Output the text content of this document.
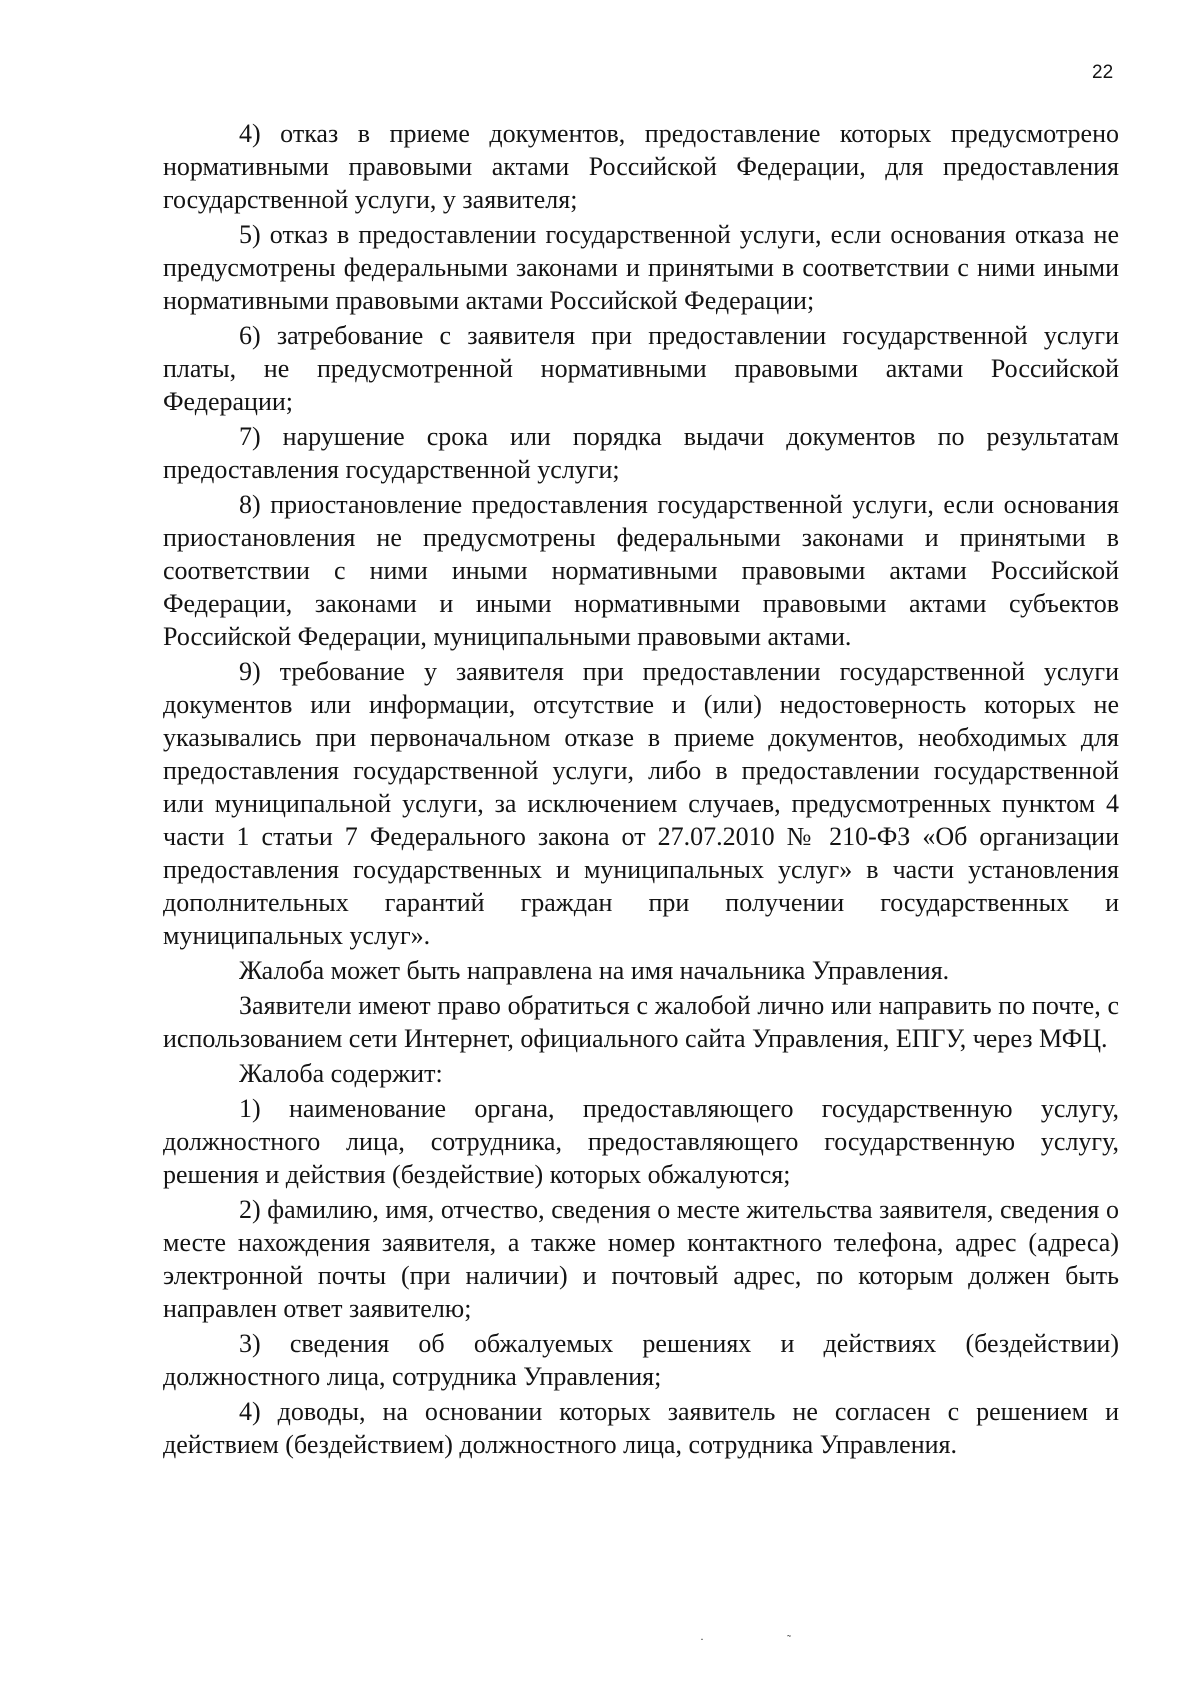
22

4) отказ в приеме документов, предоставление которых предусмотрено нормативными правовыми актами Российской Федерации, для предоставления государственной услуги, у заявителя;

5) отказ в предоставлении государственной услуги, если основания отказа не предусмотрены федеральными законами и принятыми в соответствии с ними иными нормативными правовыми актами Российской Федерации;

6) затребование с заявителя при предоставлении государственной услуги платы, не предусмотренной нормативными правовыми актами Российской Федерации;

7) нарушение срока или порядка выдачи документов по результатам предоставления государственной услуги;

8) приостановление предоставления государственной услуги, если основания приостановления не предусмотрены федеральными законами и принятыми в соответствии с ними иными нормативными правовыми актами Российской Федерации, законами и иными нормативными правовыми актами субъектов Российской Федерации, муниципальными правовыми актами.

9) требование у заявителя при предоставлении государственной услуги документов или информации, отсутствие и (или) недостоверность которых не указывались при первоначальном отказе в приеме документов, необходимых для предоставления государственной услуги, либо в предоставлении государственной или муниципальной услуги, за исключением случаев, предусмотренных пунктом 4 части 1 статьи 7 Федерального закона от 27.07.2010 № 210-ФЗ «Об организации предоставления государственных и муниципальных услуг» в части установления дополнительных гарантий граждан при получении государственных и муниципальных услуг».

Жалоба может быть направлена на имя начальника Управления.

Заявители имеют право обратиться с жалобой лично или направить по почте, с использованием сети Интернет, официального сайта Управления, ЕПГУ, через МФЦ.

Жалоба содержит:

1) наименование органа, предоставляющего государственную услугу, должностного лица, сотрудника, предоставляющего государственную услугу, решения и действия (бездействие) которых обжалуются;

2) фамилию, имя, отчество, сведения о месте жительства заявителя, сведения о месте нахождения заявителя, а также номер контактного телефона, адрес (адреса) электронной почты (при наличии) и почтовый адрес, по которым должен быть направлен ответ заявителю;

3) сведения об обжалуемых решениях и действиях (бездействии) должностного лица, сотрудника Управления;

4) доводы, на основании которых заявитель не согласен с решением и действием (бездействием) должностного лица, сотрудника Управления.

· ˜
